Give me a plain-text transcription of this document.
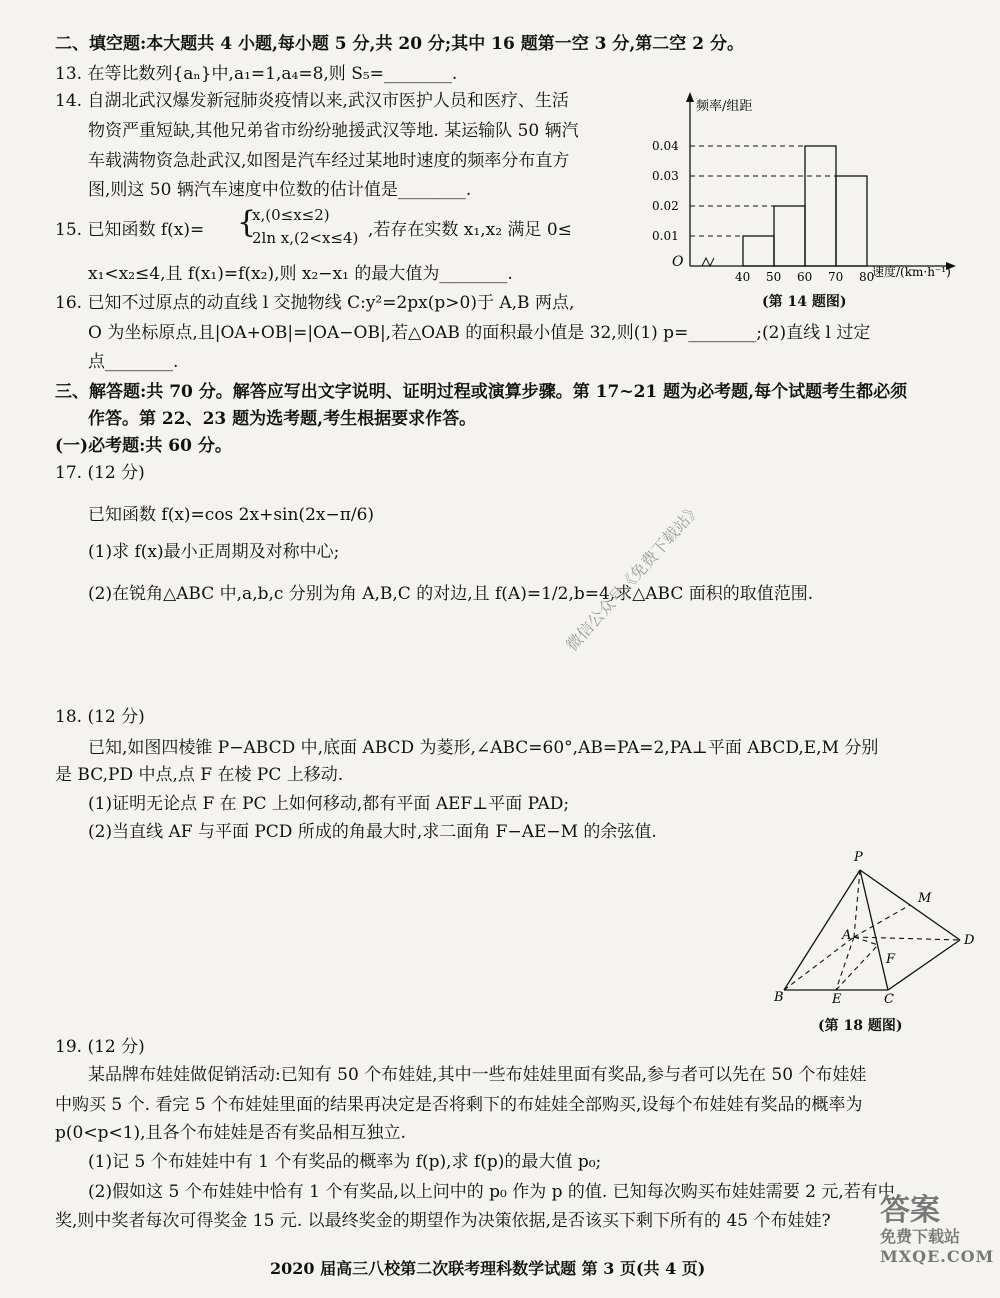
二、填空题:本大题共 4 小题,每小题 5 分,共 20 分;其中 16 题第一空 3 分,第二空 2 分。
13. 在等比数列{aₙ}中,a₁=1,a₄=8,则 S₅=________.
14. 自湖北武汉爆发新冠肺炎疫情以来,武汉市医护人员和医疗、生活
物资严重短缺,其他兄弟省市纷纷驰援武汉等地. 某运输队 50 辆汽
车载满物资急赴武汉,如图是汽车经过某地时速度的频率分布直方
图,则这 50 辆汽车速度中位数的估计值是________.
15. 已知函数 f(x)= {
x,(0≤x≤2)
2ln x,(2<x≤4) ,若存在实数 x₁,x₂ 满足 0≤
x₁<x₂≤4,且 f(x₁)=f(x₂),则 x₂−x₁ 的最大值为________.
16. 已知不过原点的动直线 l 交抛物线 C:y²=2px(p>0)于 A,B 两点,
O 为坐标原点,且|OA+OB|=|OA−OB|,若△OAB 的面积最小值是 32,则(1) p=________;(2)直线 l 过定
点________.
三、解答题:共 70 分。解答应写出文字说明、证明过程或演算步骤。第 17~21 题为必考题,每个试题考生都必须
作答。第 22、23 题为选考题,考生根据要求作答。
(一)必考题:共 60 分。
17. (12 分)
已知函数 f(x)=cos 2x+sin(2x−π/6)
(1)求 f(x)最小正周期及对称中心;
(2)在锐角△ABC 中,a,b,c 分别为角 A,B,C 的对边,且 f(A)=1/2,b=4,求△ABC 面积的取值范围.
18. (12 分)
已知,如图四棱锥 P−ABCD 中,底面 ABCD 为菱形,∠ABC=60°,AB=PA=2,PA⊥平面 ABCD,E,M 分别
是 BC,PD 中点,点 F 在棱 PC 上移动.
(1)证明无论点 F 在 PC 上如何移动,都有平面 AEF⊥平面 PAD;
(2)当直线 AF 与平面 PCD 所成的角最大时,求二面角 F−AE−M 的余弦值.
19. (12 分)
某品牌布娃娃做促销活动:已知有 50 个布娃娃,其中一些布娃娃里面有奖品,参与者可以先在 50 个布娃娃
中购买 5 个. 看完 5 个布娃娃里面的结果再决定是否将剩下的布娃娃全部购买,设每个布娃娃有奖品的概率为
p(0<p<1),且各个布娃娃是否有奖品相互独立.
(1)记 5 个布娃娃中有 1 个有奖品的概率为 f(p),求 f(p)的最大值 p₀;
(2)假如这 5 个布娃娃中恰有 1 个有奖品,以上问中的 p₀ 作为 p 的值. 已知每次购买布娃娃需要 2 元,若有中
奖,则中奖者每次可得奖金 15 元. 以最终奖金的期望作为决策依据,是否该买下剩下所有的 45 个布娃娃?
2020 届高三八校第二次联考理科数学试题 第 3 页(共 4 页)
频率/组距
O
速度/(km·h⁻¹)
0.01
0.02
0.03
0.04
40 50 60 70 80
(第 14 题图)
P
M
A	D
F
B	E	C
(第 18 题图)
微信公众号《免费下载站》
答案
免费下载站
MXQE.COM
